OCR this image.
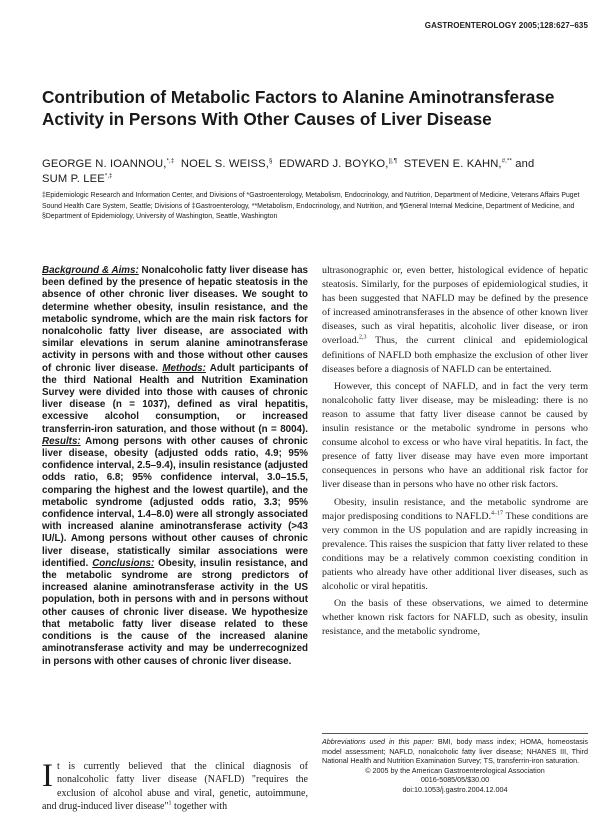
GASTROENTEROLOGY 2005;128:627–635
Contribution of Metabolic Factors to Alanine Aminotransferase Activity in Persons With Other Causes of Liver Disease
GEORGE N. IOANNOU,*,‡ NOEL S. WEISS,§ EDWARD J. BOYKO,||,¶ STEVEN E. KAHN,#,** and
SUM P. LEE*,‡
‡Epidemiologic Research and Information Center, and Divisions of *Gastroenterology, Metabolism, Endocrinology, and Nutrition, Department of Medicine, Veterans Affairs Puget Sound Health Care System, Seattle; Divisions of ‡Gastroenterology, **Metabolism, Endocrinology, and Nutrition, and ¶General Internal Medicine, Department of Medicine, and §Department of Epidemiology, University of Washington, Seattle, Washington
Background & Aims: Nonalcoholic fatty liver disease has been defined by the presence of hepatic steatosis in the absence of other chronic liver diseases. We sought to determine whether obesity, insulin resistance, and the metabolic syndrome, which are the main risk factors for nonalcoholic fatty liver disease, are associated with similar elevations in serum alanine aminotransferase activity in persons with and those without other causes of chronic liver disease. Methods: Adult participants of the third National Health and Nutrition Examination Survey were divided into those with causes of chronic liver disease (n = 1037), defined as viral hepatitis, excessive alcohol consumption, or increased transferrin-iron saturation, and those without (n = 8004). Results: Among persons with other causes of chronic liver disease, obesity (adjusted odds ratio, 4.9; 95% confidence interval, 2.5–9.4), insulin resistance (adjusted odds ratio, 6.8; 95% confidence interval, 3.0–15.5, comparing the highest and the lowest quartile), and the metabolic syndrome (adjusted odds ratio, 3.3; 95% confidence interval, 1.4–8.0) were all strongly associated with increased alanine aminotransferase activity (>43 IU/L). Among persons without other causes of chronic liver disease, statistically similar associations were identified. Conclusions: Obesity, insulin resistance, and the metabolic syndrome are strong predictors of increased alanine aminotransferase activity in the US population, both in persons with and in persons without other causes of chronic liver disease. We hypothesize that metabolic fatty liver disease related to these conditions is the cause of the increased alanine aminotransferase activity and may be underrecognized in persons with other causes of chronic liver disease.
It is currently believed that the clinical diagnosis of nonalcoholic fatty liver disease (NAFLD) "requires the exclusion of alcohol abuse and viral, genetic, autoimmune, and drug-induced liver disease"$^1$ together with

ultrasonographic or, even better, histological evidence of hepatic steatosis. Similarly, for the purposes of epidemiological studies, it has been suggested that NAFLD may be defined by the presence of increased aminotransferases in the absence of other known liver diseases, such as viral hepatitis, alcoholic liver disease, or iron overload.$^{2,3}$ Thus, the current clinical and epidemiological definitions of NAFLD both emphasize the exclusion of other liver diseases before a diagnosis of NAFLD can be entertained.

However, this concept of NAFLD, and in fact the very term nonalcoholic fatty liver disease, may be misleading: there is no reason to assume that fatty liver disease cannot be caused by insulin resistance or the metabolic syndrome in persons who consume alcohol to excess or who have viral hepatitis. In fact, the presence of fatty liver disease may have even more important consequences in persons who have an additional risk factor for liver disease than in persons who have no other risk factors.

Obesity, insulin resistance, and the metabolic syndrome are major predisposing conditions to NAFLD.$^{4-17}$ These conditions are very common in the US population and are rapidly increasing in prevalence. This raises the suspicion that fatty liver related to these conditions may be a relatively common coexisting condition in patients who already have other additional liver diseases, such as alcoholic or viral hepatitis.

On the basis of these observations, we aimed to determine whether known risk factors for NAFLD, such as obesity, insulin resistance, and the metabolic syndrome,

Abbreviations used in this paper: BMI, body mass index; HOMA, homeostasis model assessment; NAFLD, nonalcoholic fatty liver disease; NHANES III, Third National Health and Nutrition Examination Survey; TS, transferrin-iron saturation.
© 2005 by the American Gastroenterological Association
0016-5085/05/$30.00
doi:10.1053/j.gastro.2004.12.004
